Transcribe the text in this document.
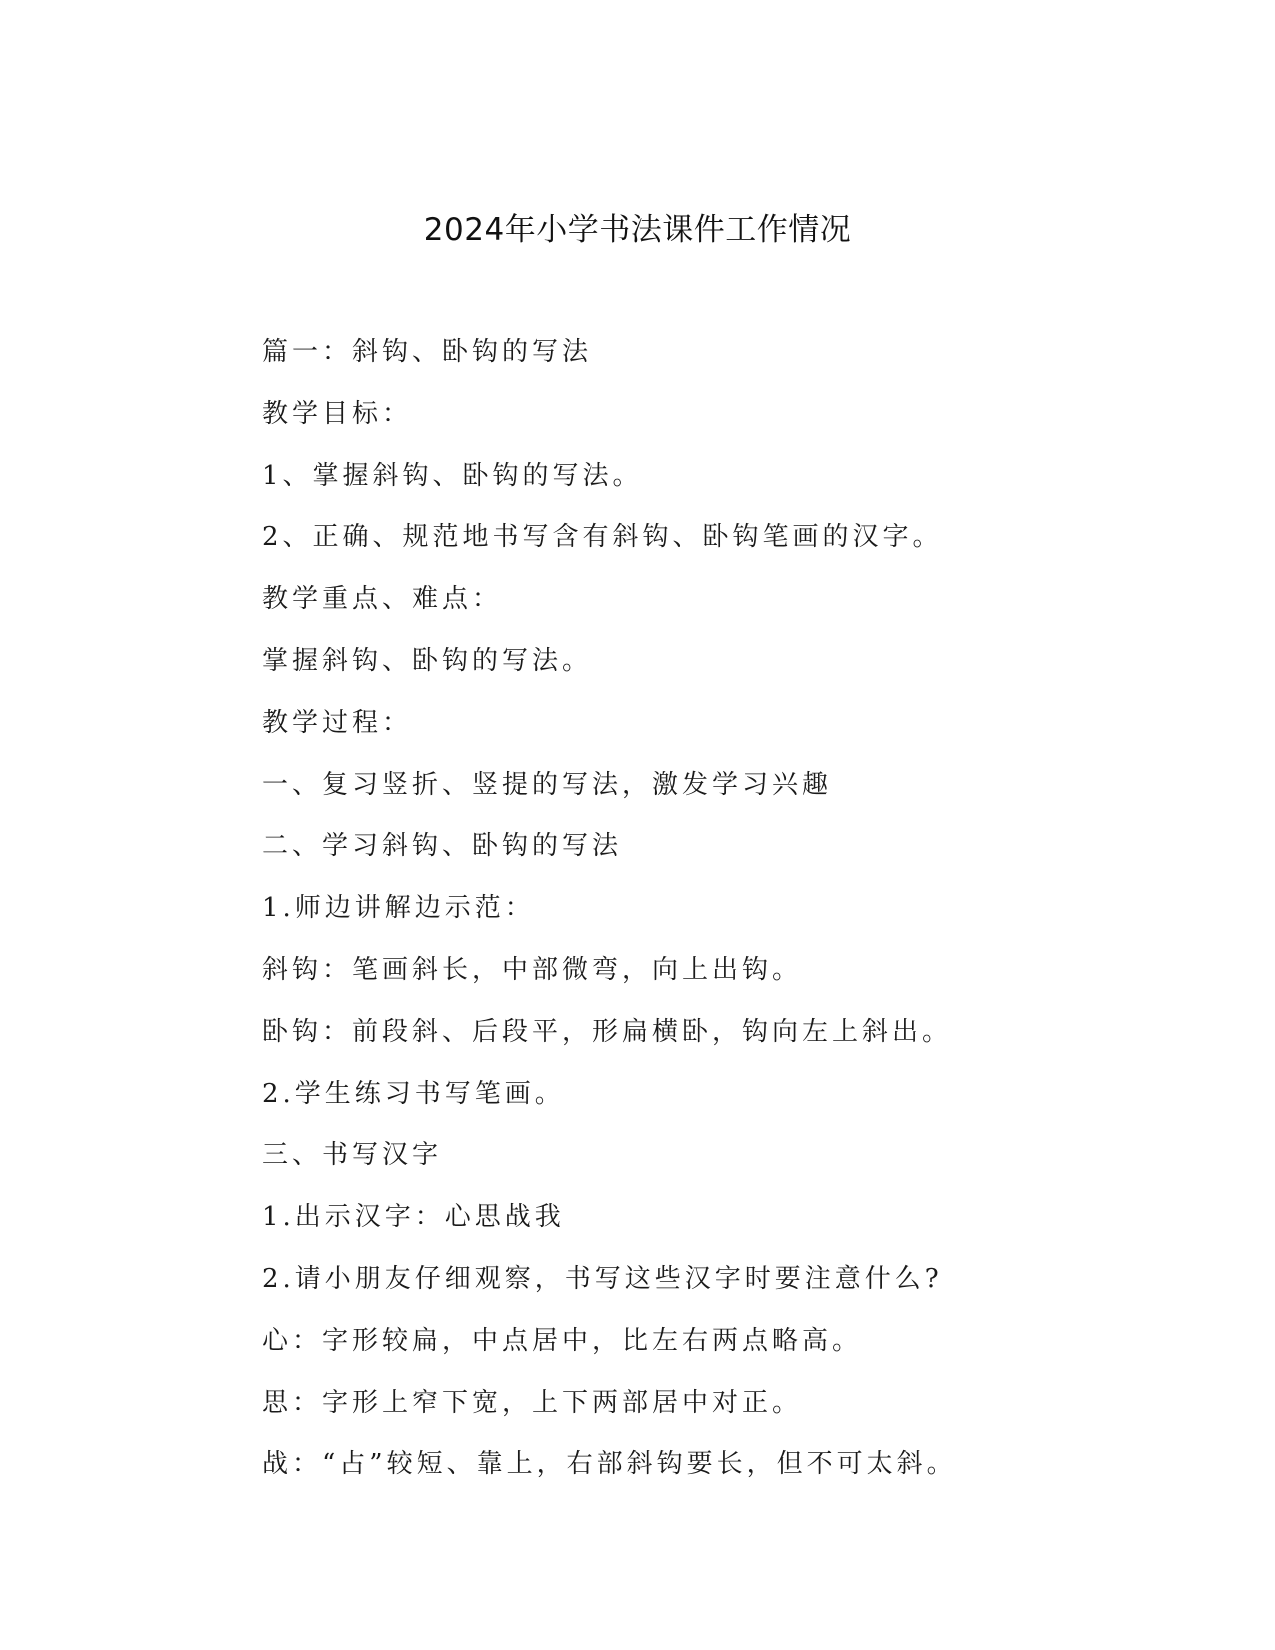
2024年小学书法课件工作情况
篇一：斜钩、卧钩的写法
教学目标：
1、掌握斜钩、卧钩的写法。
2、正确、规范地书写含有斜钩、卧钩笔画的汉字。
教学重点、难点：
掌握斜钩、卧钩的写法。
教学过程：
一、复习竖折、竖提的写法，激发学习兴趣
二、学习斜钩、卧钩的写法
1.师边讲解边示范：
斜钩：笔画斜长，中部微弯，向上出钩。
卧钩：前段斜、后段平，形扁横卧，钩向左上斜出。
2.学生练习书写笔画。
三、书写汉字
1.出示汉字：心思战我
2.请小朋友仔细观察，书写这些汉字时要注意什么?
心：字形较扁，中点居中，比左右两点略高。
思：字形上窄下宽，上下两部居中对正。
战：“占”较短、靠上，右部斜钩要长，但不可太斜。
